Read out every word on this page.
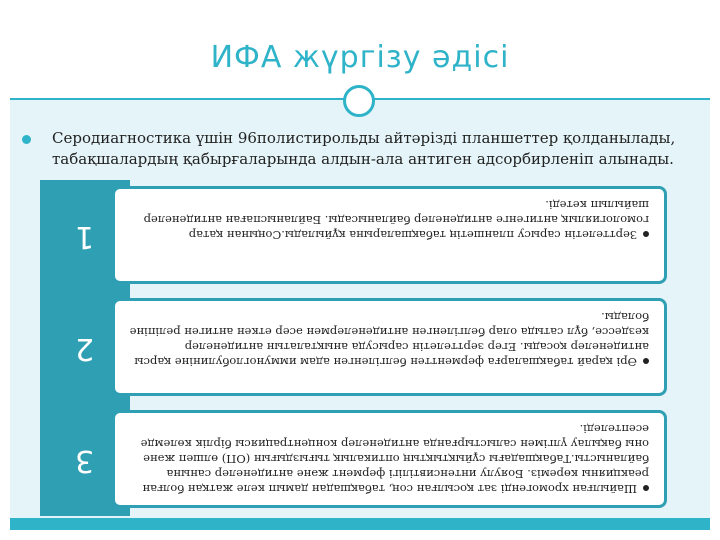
ИФА жүргізу әдісі
Серодиагностика үшін 96полистирольды айтәрізді планшеттер қолданылады, табақшалардың қабырғаларында алдын-ала антиген адсорбирленіп алынады.
1	Зерттелетін сарысу планшетің табақшаларына құйылады.Соңынан қатар гомологиялық антигенге антиденелер байланысады. Байланыспаған антиденелер шайылып кетеді.
2	Әрі қарай табақшаларға ферменттен белгіленген адам иммуноглобулиніне қарсы антиденелер қосады. Егер зерттелетін сарысуда анықталатын антиденелер кездессе, бұл сатыда олар белгіленген антиденелермен әсер еткен антиген реліпіне болады.
3
Шайылған хромогенді зат қосылған соң, табақшадан дамып келе жатқан болған реакцияны көреміз. Бояулу интенсивтілігі фермент және антиденелер санына байланысты.Табақшадағы сұйықтықтың оптикалық тығыздығын (ОП) өлшеп және оны бақылау үлгімен салыстырғанда антиденелер концентрациясы бірлік көлемде есептеледі.
